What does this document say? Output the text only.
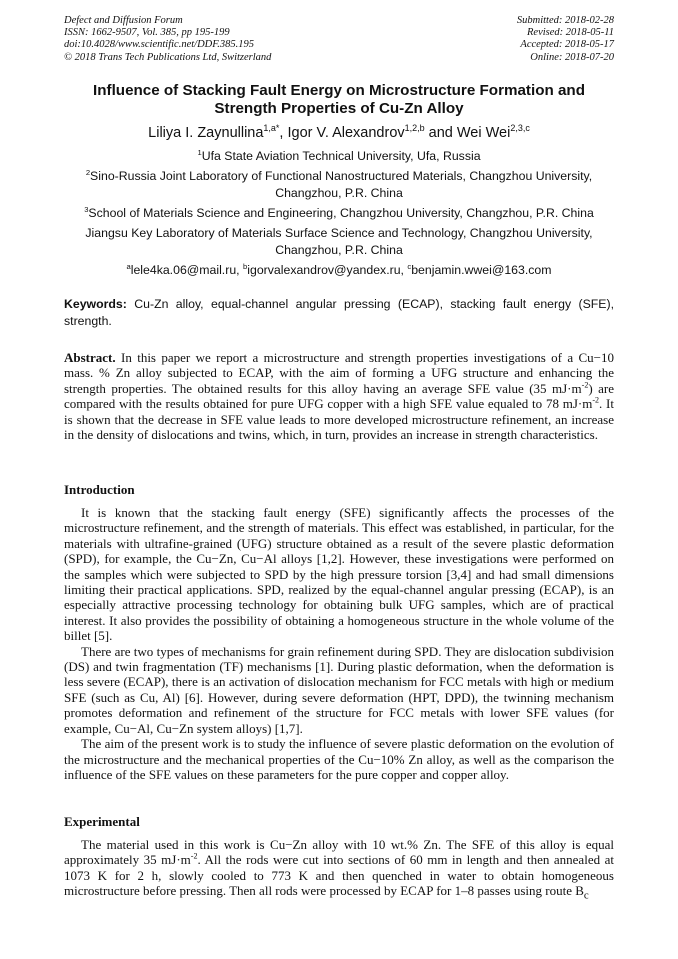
Defect and Diffusion Forum
ISSN: 1662-9507, Vol. 385, pp 195-199
doi:10.4028/www.scientific.net/DDF.385.195
© 2018 Trans Tech Publications Ltd, Switzerland
Submitted: 2018-02-28
Revised: 2018-05-11
Accepted: 2018-05-17
Online: 2018-07-20
Influence of Stacking Fault Energy on Microstructure Formation and
Strength Properties of Cu-Zn Alloy
Liliya I. Zaynullina$^{1,a*}$, Igor V. Alexandrov$^{1,2,b}$ and Wei Wei$^{2,3,c}$
$^1$Ufa State Aviation Technical University, Ufa, Russia
$^2$Sino-Russia Joint Laboratory of Functional Nanostructured Materials, Changzhou University,
Changzhou, P.R. China
$^3$School of Materials Science and Engineering, Changzhou University, Changzhou, P.R. China
Jiangsu Key Laboratory of Materials Surface Science and Technology, Changzhou University,
Changzhou, P.R. China
$^a$lele4ka.06@mail.ru, $^b$igorvalexandrov@yandex.ru, $^c$benjamin.wwei@163.com
Keywords: Cu-Zn alloy, equal-channel angular pressing (ECAP), stacking fault energy (SFE), strength.

Abstract. In this paper we report a microstructure and strength properties investigations of a Cu−10 mass. % Zn alloy subjected to ECAP, with the aim of forming a UFG structure and enhancing the strength properties. The obtained results for this alloy having an average SFE value (35 $mJ\cdot m^{-2}$) are compared with the results obtained for pure UFG copper with a high SFE value equaled to 78 $mJ\cdot m^{-2}$. It is shown that the decrease in SFE value leads to more developed microstructure refinement, an increase in the density of dislocations and twins, which, in turn, provides an increase in strength characteristics.

Introduction

It is known that the stacking fault energy (SFE) significantly affects the processes of the microstructure refinement, and the strength of materials. This effect was established, in particular, for the materials with ultrafine-grained (UFG) structure obtained as a result of the severe plastic deformation (SPD), for example, the Cu−Zn, Cu−Al alloys [1,2]. However, these investigations were performed on the samples which were subjected to SPD by the high pressure torsion [3,4] and had small dimensions limiting their practical applications. SPD, realized by the equal-channel angular pressing (ECAP), is an especially attractive processing technology for obtaining bulk UFG samples, which are of practical interest. It also provides the possibility of obtaining a homogeneous structure in the whole volume of the billet [5].

There are two types of mechanisms for grain refinement during SPD. They are dislocation subdivision (DS) and twin fragmentation (TF) mechanisms [1]. During plastic deformation, when the deformation is less severe (ECAP), there is an activation of dislocation mechanism for FCC metals with high or medium SFE (such as Cu, Al) [6]. However, during severe deformation (HPT, DPD), the twinning mechanism promotes deformation and refinement of the structure for FCC metals with lower SFE values (for example, Cu−Al, Cu−Zn system alloys) [1,7].

The aim of the present work is to study the influence of severe plastic deformation on the evolution of the microstructure and the mechanical properties of the Cu−10% Zn alloy, as well as the comparison the influence of the SFE values on these parameters for the pure copper and copper alloy.

Experimental

The material used in this work is Cu−Zn alloy with 10 wt.% Zn. The SFE of this alloy is equal approximately 35 $mJ\cdot m^{-2}$. All the rods were cut into sections of 60 mm in length and then annealed at 1073 K for 2 h, slowly cooled to 773 K and then quenched in water to obtain homogeneous microstructure before pressing. Then all rods were processed by ECAP for 1–8 passes using route $B_c$
